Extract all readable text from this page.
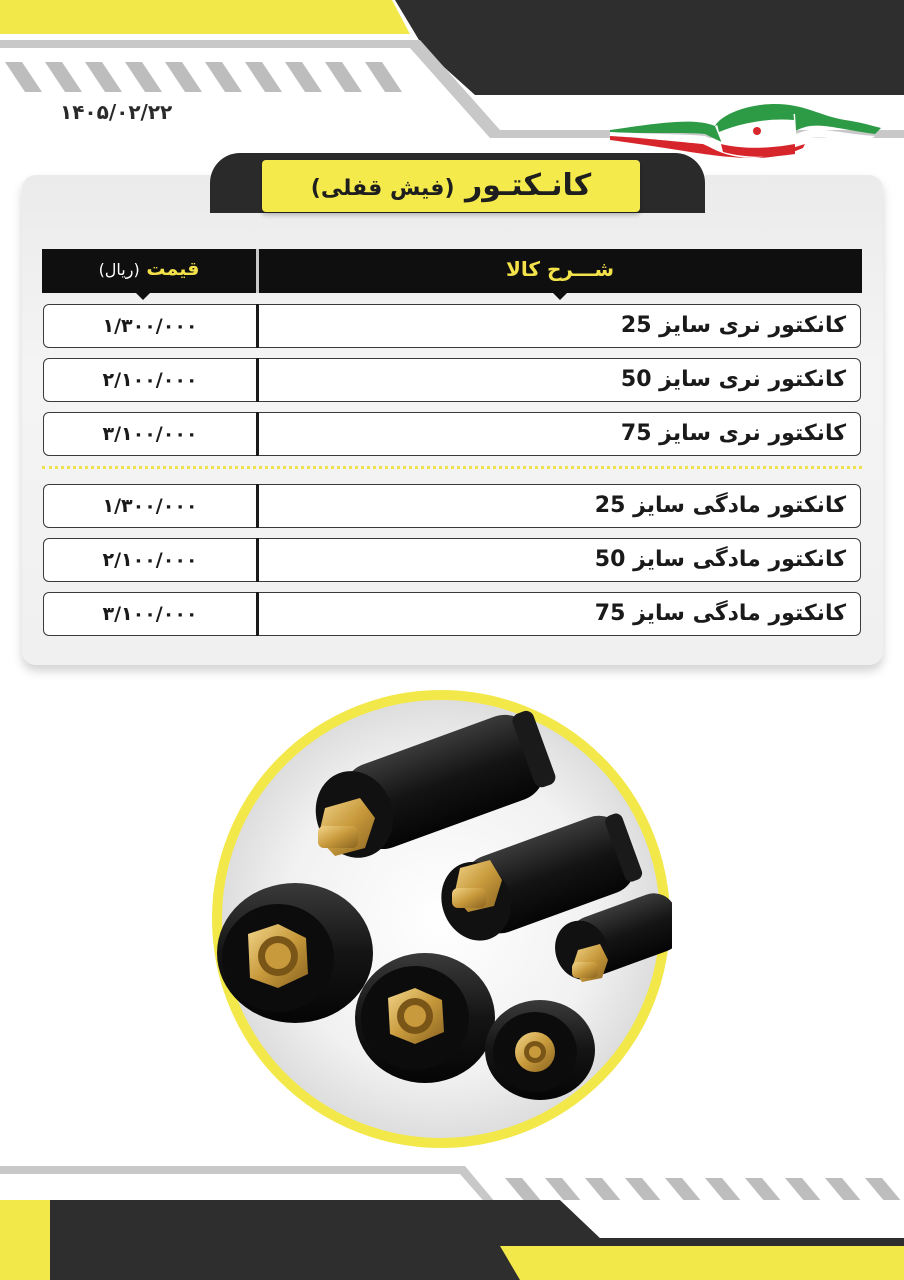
۱۴۰۵/۰۲/۲۲
کانـکتـور (فیش قفلی)
شـــرح کالا
قیمت (ریال)
کانکتور نری سایز 25
۱/۳۰۰/۰۰۰
کانکتور نری سایز 50
۲/۱۰۰/۰۰۰
کانکتور نری سایز 75
۳/۱۰۰/۰۰۰
کانکتور مادگی سایز 25
۱/۳۰۰/۰۰۰
کانکتور مادگی سایز 50
۲/۱۰۰/۰۰۰
کانکتور مادگی سایز 75
۳/۱۰۰/۰۰۰
